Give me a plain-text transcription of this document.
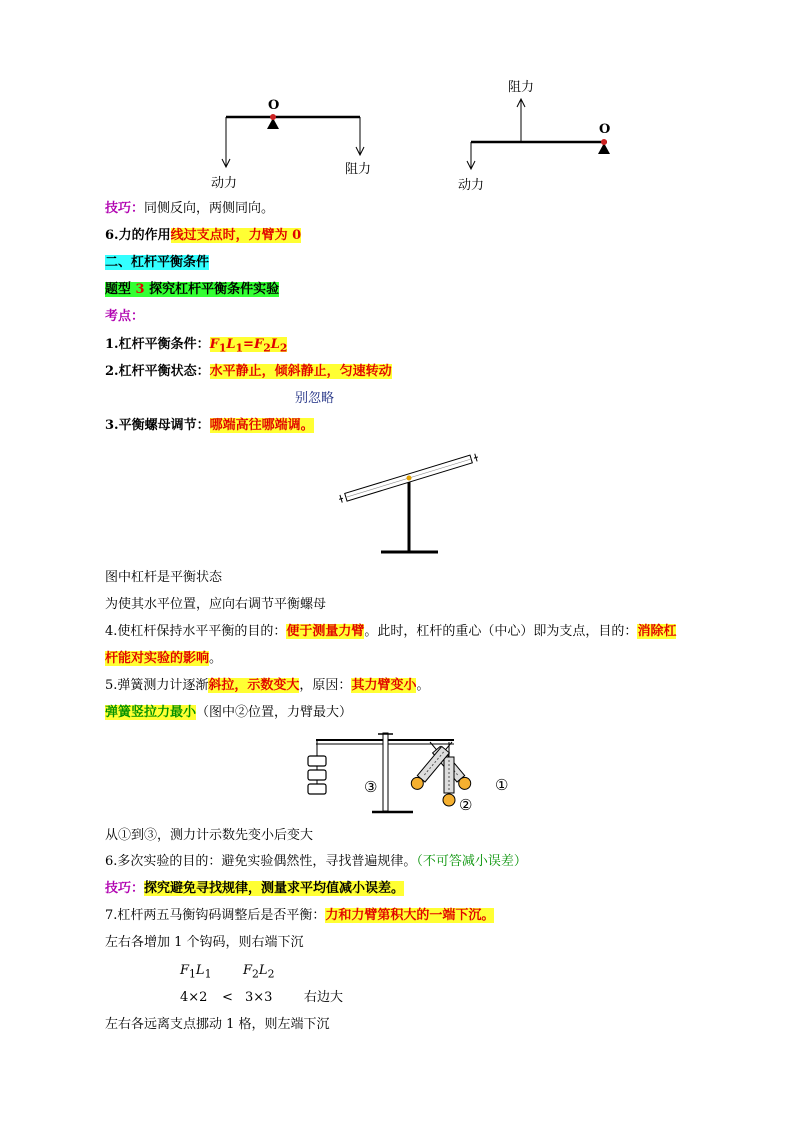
O
动力
阻力
阻力
O
动力
技巧：同侧反向，两侧同向。
6.力的作用线过支点时，力臂为 0
二、杠杆平衡条件
题型 3 探究杠杆平衡条件实验
考点：
1.杠杆平衡条件：$F_1L_1=F_2L_2$
2.杠杆平衡状态：水平静止，倾斜静止，匀速转动
别忽略
3.平衡螺母调节：哪端高往哪端调。
图中杠杆是平衡状态
为使其水平位置，应向右调节平衡螺母
4.使杠杆保持水平平衡的目的：便于测量力臂。此时，杠杆的重心（中心）即为支点，目的：消除杠
杆能对实验的影响。
5.弹簧测力计逐渐斜拉，示数变大，原因：其力臂变小。
弹簧竖拉力最小（图中②位置，力臂最大）
③
②
①
从①到③，测力计示数先变小后变大
6.多次实验的目的：避免实验偶然性，寻找普遍规律。（不可答减小误差）
技巧：探究避免寻找规律，测量求平均值减小误差。
7.杠杆两五马衡钩码调整后是否平衡：力和力臂第积大的一端下沉。
左右各增加 1 个钩码，则右端下沉
$F_1L_1$ $F_2L_2$
4×2 < 3×3 右边大
左右各远离支点挪动 1 格，则左端下沉
